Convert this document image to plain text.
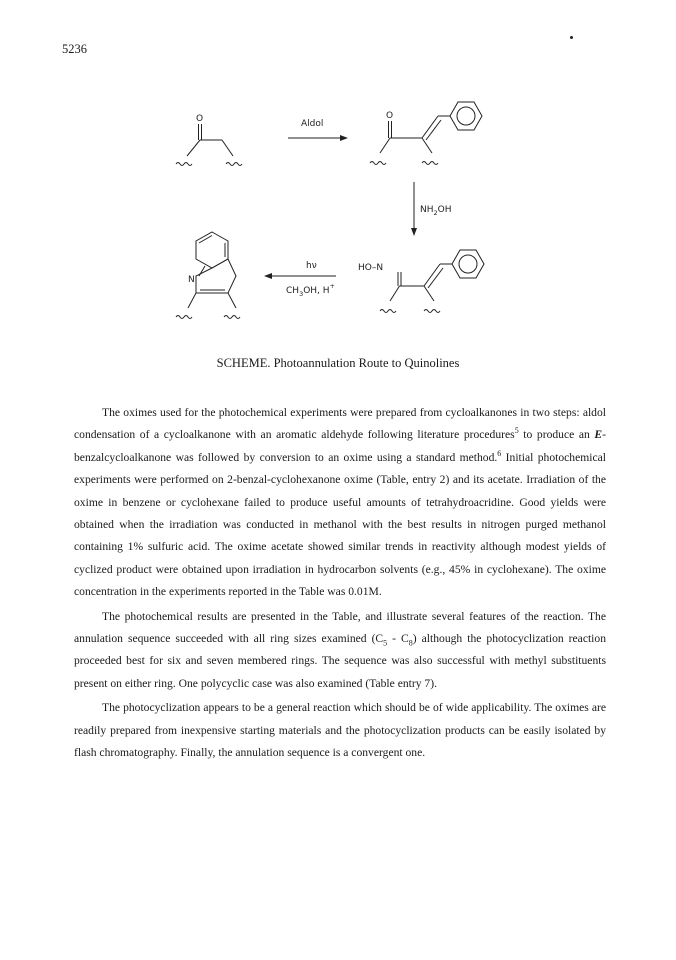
5236
O	Aldol
O
$NH_2OH$
HO–N
hν
$CH_3OH$, H+
N
SCHEME. Photoannulation Route to Quinolines

The oximes used for the photochemical experiments were prepared from cycloalkanones in two steps: aldol condensation of a cycloalkanone with an aromatic aldehyde following literature procedures$^5$ to produce an E-benzalcycloalkanone was followed by conversion to an oxime using a standard method.$^6$ Initial photochemical experiments were performed on 2-benzal-cyclohexanone oxime (Table, entry 2) and its acetate. Irradiation of the oxime in benzene or cyclohexane failed to produce useful amounts of tetrahydroacridine. Good yields were obtained when the irradiation was conducted in methanol with the best results in nitrogen purged methanol containing 1% sulfuric acid. The oxime acetate showed similar trends in reactivity although modest yields of cyclized product were obtained upon irradiation in hydrocarbon solvents (e.g., 45% in cyclohexane). The oxime concentration in the experiments reported in the Table was 0.01M.

The photochemical results are presented in the Table, and illustrate several features of the reaction. The annulation sequence succeeded with all ring sizes examined $(C_5 - C_8)$ although the photocyclization reaction proceeded best for six and seven membered rings. The sequence was also successful with methyl substituents present on either ring. One polycyclic case was also examined (Table entry 7).

The photocyclization appears to be a general reaction which should be of wide applicability. The oximes are readily prepared from inexpensive starting materials and the photocyclization products can be easily isolated by flash chromatography. Finally, the annulation sequence is a convergent one.
